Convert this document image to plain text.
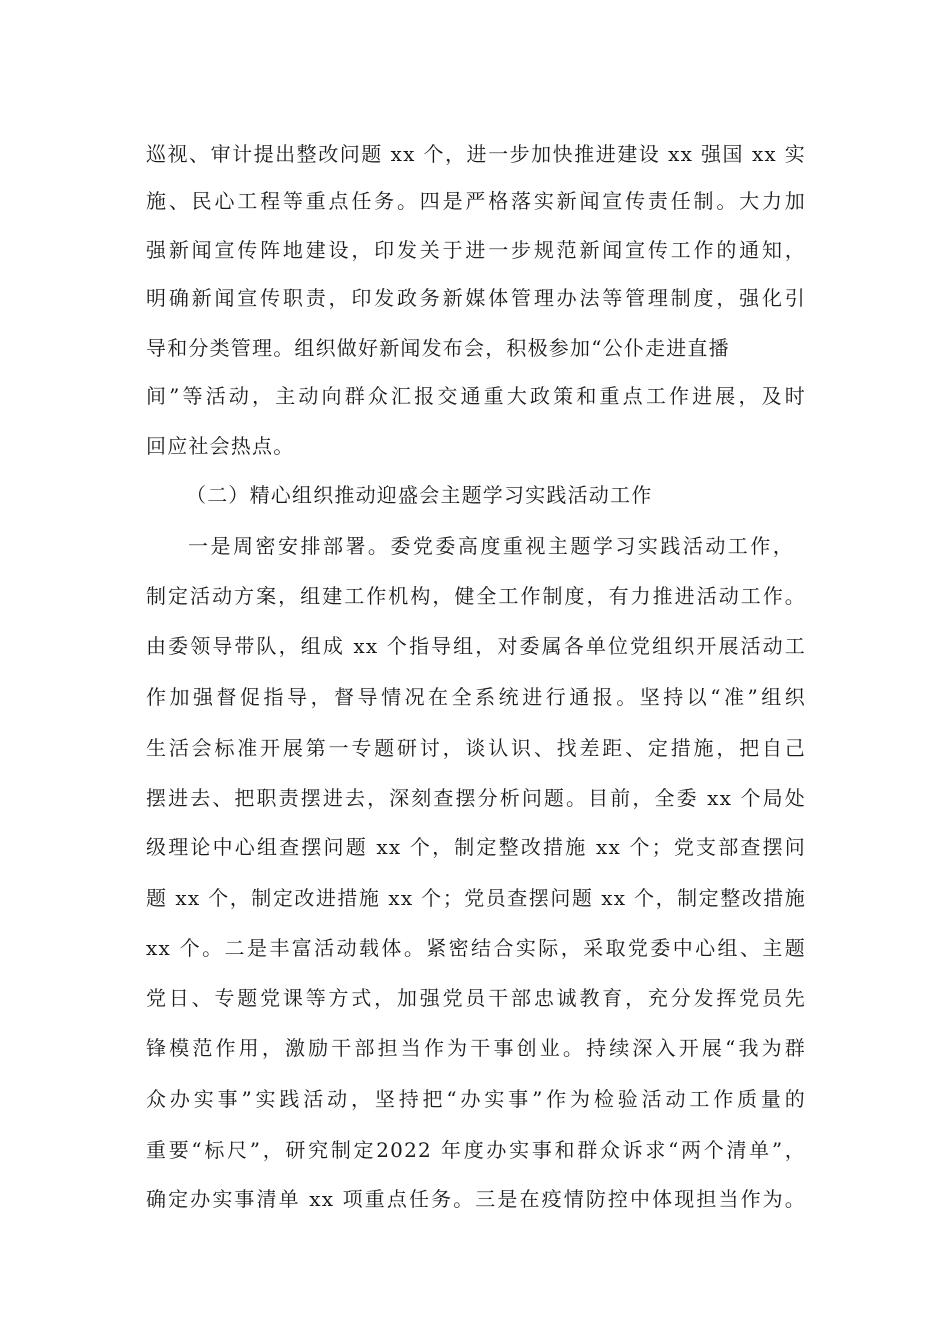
巡视、审计提出整改问题 xx 个，进一步加快推进建设 xx 强国 xx 实
施、民心工程等重点任务。四是严格落实新闻宣传责任制。大力加
强新闻宣传阵地建设，印发关于进一步规范新闻宣传工作的通知，
明确新闻宣传职责，印发政务新媒体管理办法等管理制度，强化引
导和分类管理。组织做好新闻发布会，积极参加“公仆走进直播
间”等活动，主动向群众汇报交通重大政策和重点工作进展，及时
回应社会热点。
（二）精心组织推动迎盛会主题学习实践活动工作
一是周密安排部署。委党委高度重视主题学习实践活动工作，
制定活动方案，组建工作机构，健全工作制度，有力推进活动工作。
由委领导带队，组成 xx 个指导组，对委属各单位党组织开展活动工
作加强督促指导，督导情况在全系统进行通报。坚持以“准”组织
生活会标准开展第一专题研讨，谈认识、找差距、定措施，把自己
摆进去、把职责摆进去，深刻查摆分析问题。目前，全委 xx 个局处
级理论中心组查摆问题 xx 个，制定整改措施 xx 个；党支部查摆问
题 xx 个，制定改进措施 xx 个；党员查摆问题 xx 个，制定整改措施
xx 个。二是丰富活动载体。紧密结合实际，采取党委中心组、主题
党日、专题党课等方式，加强党员干部忠诚教育，充分发挥党员先
锋模范作用，激励干部担当作为干事创业。持续深入开展“我为群
众办实事”实践活动，坚持把“办实事”作为检验活动工作质量的
重要“标尺”，研究制定2022 年度办实事和群众诉求“两个清单”，
确定办实事清单 xx 项重点任务。三是在疫情防控中体现担当作为。
